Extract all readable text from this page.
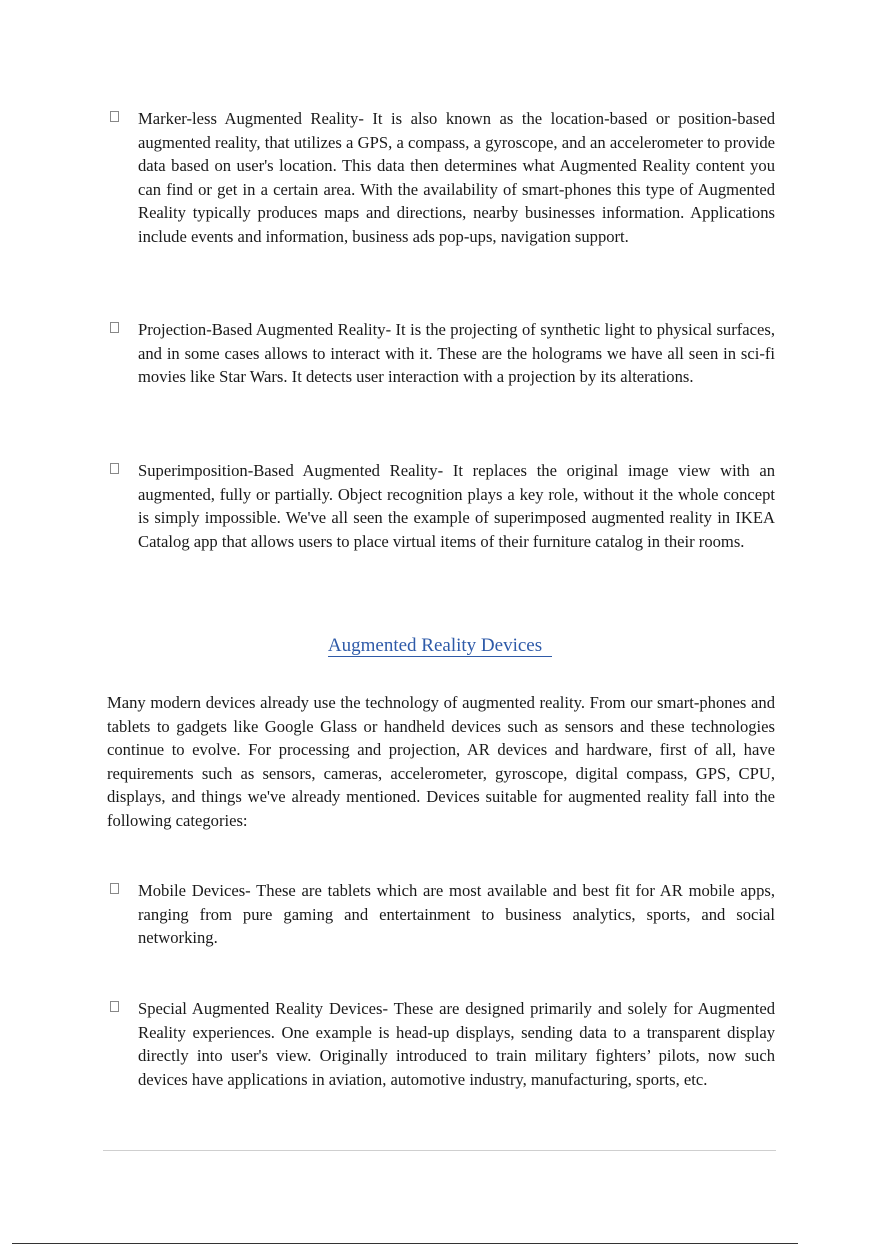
Marker-less Augmented Reality- It is also known as the location-based or position-based augmented reality, that utilizes a GPS, a compass, a gyroscope, and an accelerometer to provide data based on user's location. This data then determines what Augmented Reality content you can find or get in a certain area. With the availability of smart-phones this type of Augmented Reality typically produces maps and directions, nearby businesses information. Applications include events and information, business ads pop-ups, navigation support.
Projection-Based Augmented Reality- It is the projecting of synthetic light to physical surfaces, and in some cases allows to interact with it. These are the holograms we have all seen in sci-fi movies like Star Wars. It detects user interaction with a projection by its alterations.
Superimposition-Based Augmented Reality- It replaces the original image view with an augmented, fully or partially. Object recognition plays a key role, without it the whole concept is simply impossible. We've all seen the example of superimposed augmented reality in IKEA Catalog app that allows users to place virtual items of their furniture catalog in their rooms.
Augmented Reality Devices
Many modern devices already use the technology of augmented reality. From our smart-phones and tablets to gadgets like Google Glass or handheld devices such as sensors and these technologies continue to evolve. For processing and projection, AR devices and hardware, first of all, have requirements such as sensors, cameras, accelerometer, gyroscope, digital compass, GPS, CPU, displays, and things we've already mentioned. Devices suitable for augmented reality fall into the following categories:
Mobile Devices- These are tablets which are most available and best fit for AR mobile apps, ranging from pure gaming and entertainment to business analytics, sports, and social networking.
Special Augmented Reality Devices- These are designed primarily and solely for Augmented Reality experiences. One example is head-up displays, sending data to a transparent display directly into user's view. Originally introduced to train military fighters’ pilots, now such devices have applications in aviation, automotive industry, manufacturing, sports, etc.
